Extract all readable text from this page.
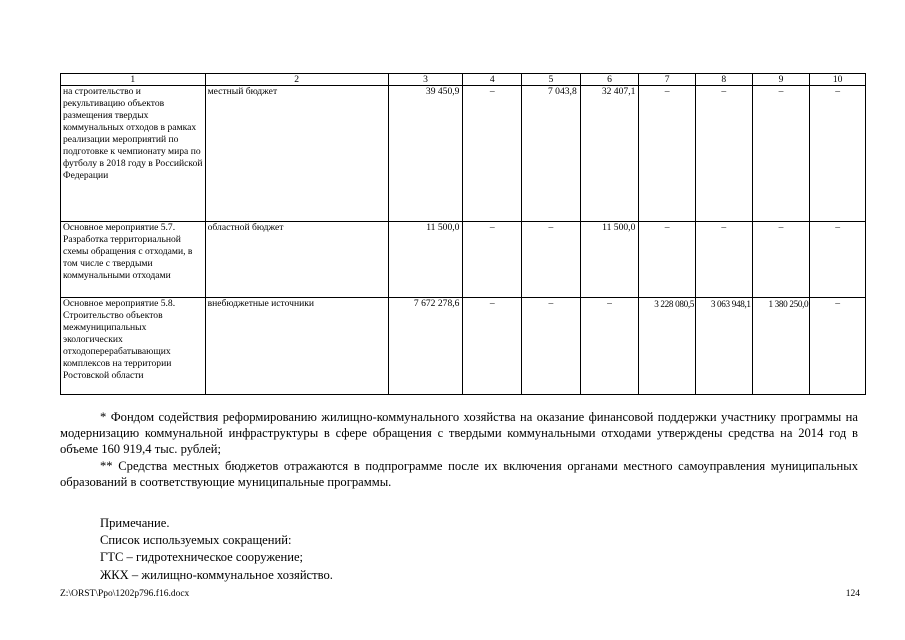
1	2	3	4	5	6	7	8	9	10
на строительство и рекультивацию объектов размещения твердых коммунальных отходов в рамках реализации мероприятий по подготовке к чемпионату мира по футболу в 2018 году в Российской Федерации	местный бюджет	39 450,9	–	7 043,8	32 407,1	–	–	–	–
Основное мероприятие 5.7. Разработка территориальной схемы обращения с отходами, в том числе с твердыми коммунальными отходами	областной бюджет	11 500,0	–	–	11 500,0	–	–	–	–
Основное мероприятие 5.8. Строительство объектов межмуниципальных экологических отходоперерабатывающих комплексов на территории Ростовской области	внебюджетные источники	7 672 278,6	–	–	–	3 228 080,5	3 063 948,1	1 380 250,0	–

* Фондом содействия реформированию жилищно-коммунального хозяйства на оказание финансовой поддержки участнику программы на модернизацию коммунальной инфраструктуры в сфере обращения с твердыми коммунальными отходами утверждены средства на 2014 год в объеме 160 919,4 тыс. рублей;

** Средства местных бюджетов отражаются в подпрограмме после их включения органами местного самоуправления муниципальных образований в соответствующие муниципальные программы.

Примечание.
Список используемых сокращений:
ГТС – гидротехническое сооружение;
ЖКХ – жилищно-коммунальное хозяйство.
Z:\ORST\Ppo\1202p796.f16.docx	124
